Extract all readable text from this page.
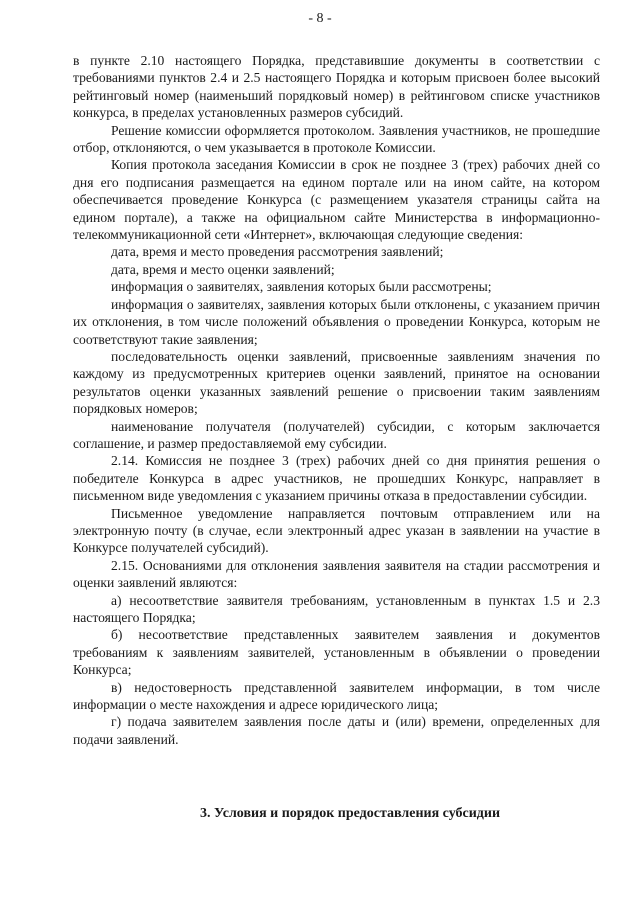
- 8 -

в пункте 2.10 настоящего Порядка, представившие документы в соответствии с требованиями пунктов 2.4 и 2.5 настоящего Порядка и которым присвоен более высокий рейтинговый номер (наименьший порядковый номер) в рейтинговом списке участников конкурса, в пределах установленных размеров субсидий.

Решение комиссии оформляется протоколом. Заявления участников, не прошедшие отбор, отклоняются, о чем указывается в протоколе Комиссии.

Копия протокола заседания Комиссии в срок не позднее 3 (трех) рабочих дней со дня его подписания размещается на едином портале или на ином сайте, на котором обеспечивается проведение Конкурса (с размещением указателя страницы сайта на едином портале), а также на официальном сайте Министерства в информационно-телекоммуникационной сети «Интернет», включающая следующие сведения:

дата, время и место проведения рассмотрения заявлений;

дата, время и место оценки заявлений;

информация о заявителях, заявления которых были рассмотрены;

информация о заявителях, заявления которых были отклонены, с указанием причин их отклонения, в том числе положений объявления о проведении Конкурса, которым не соответствуют такие заявления;

последовательность оценки заявлений, присвоенные заявлениям значения по каждому из предусмотренных критериев оценки заявлений, принятое на основании результатов оценки указанных заявлений решение о присвоении таким заявлениям порядковых номеров;

наименование получателя (получателей) субсидии, с которым заключается соглашение, и размер предоставляемой ему субсидии.

2.14. Комиссия не позднее 3 (трех) рабочих дней со дня принятия решения о победителе Конкурса в адрес участников, не прошедших Конкурс, направляет в письменном виде уведомления с указанием причины отказа в предоставлении субсидии.

Письменное уведомление направляется почтовым отправлением или на электронную почту (в случае, если электронный адрес указан в заявлении на участие в Конкурсе получателей субсидий).

2.15. Основаниями для отклонения заявления заявителя на стадии рассмотрения и оценки заявлений являются:

а) несоответствие заявителя требованиям, установленным в пунктах 1.5 и 2.3 настоящего Порядка;

б) несоответствие представленных заявителем заявления и документов требованиям к заявлениям заявителей, установленным в объявлении о проведении Конкурса;

в) недостоверность представленной заявителем информации, в том числе информации о месте нахождения и адресе юридического лица;

г) подача заявителем заявления после даты и (или) времени, определенных для подачи заявлений.

3. Условия и порядок предоставления субсидии
